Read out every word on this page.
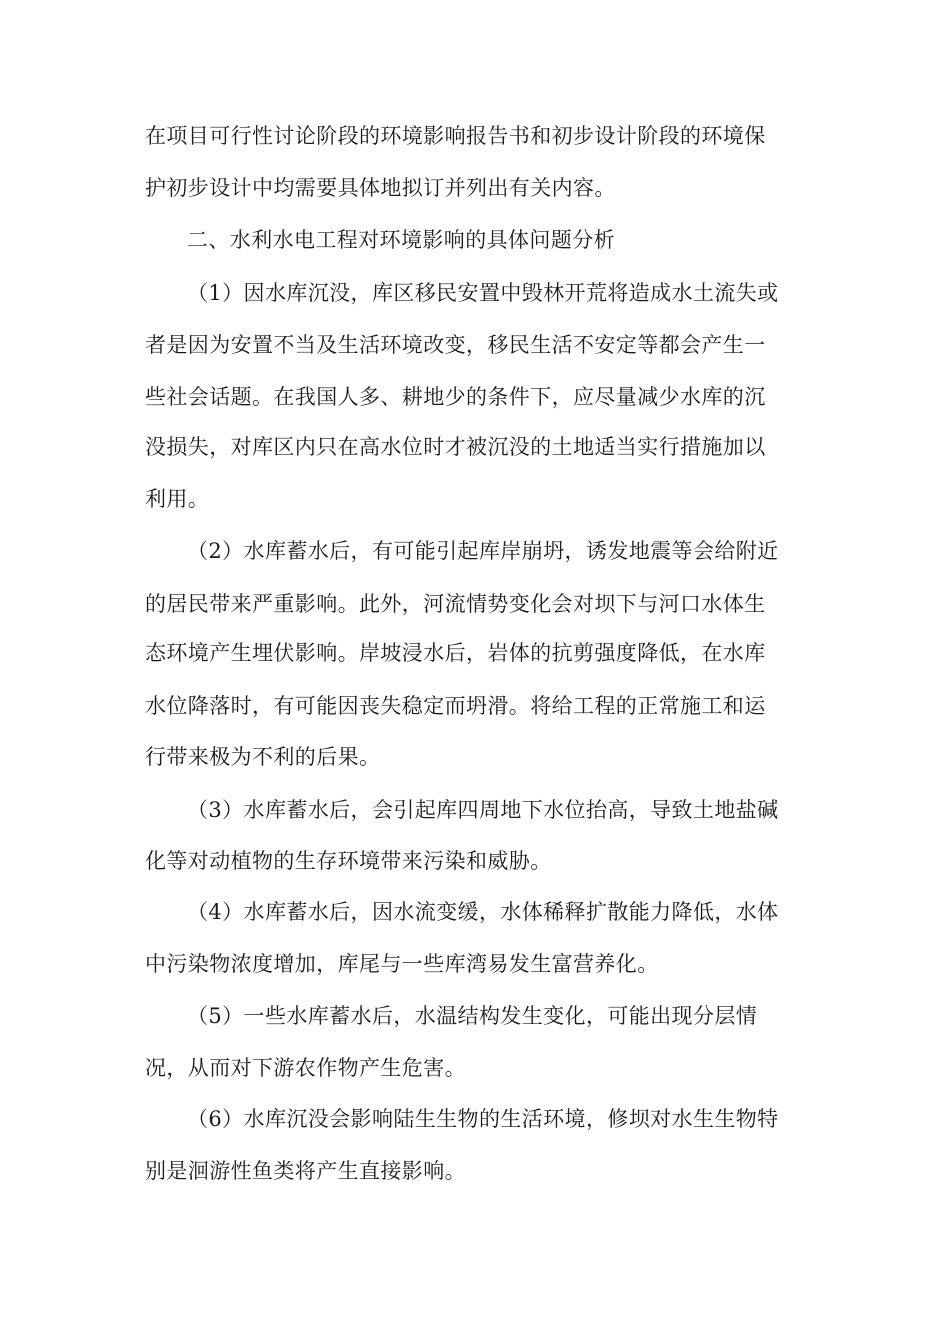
在项目可行性讨论阶段的环境影响报告书和初步设计阶段的环境保
护初步设计中均需要具体地拟订并列出有关内容。
二、水利水电工程对环境影响的具体问题分析
（1）因水库沉没，库区移民安置中毁林开荒将造成水土流失或
者是因为安置不当及生活环境改变，移民生活不安定等都会产生一
些社会话题。在我国人多、耕地少的条件下，应尽量减少水库的沉
没损失，对库区内只在高水位时才被沉没的土地适当实行措施加以
利用。
（2）水库蓄水后，有可能引起库岸崩坍，诱发地震等会给附近
的居民带来严重影响。此外，河流情势变化会对坝下与河口水体生
态环境产生埋伏影响。岸坡浸水后，岩体的抗剪强度降低，在水库
水位降落时，有可能因丧失稳定而坍滑。将给工程的正常施工和运
行带来极为不利的后果。
（3）水库蓄水后，会引起库四周地下水位抬高，导致土地盐碱
化等对动植物的生存环境带来污染和威胁。
（4）水库蓄水后，因水流变缓，水体稀释扩散能力降低，水体
中污染物浓度增加，库尾与一些库湾易发生富营养化。
（5）一些水库蓄水后，水温结构发生变化，可能出现分层情
况，从而对下游农作物产生危害。
（6）水库沉没会影响陆生生物的生活环境，修坝对水生生物特
别是洄游性鱼类将产生直接影响。
